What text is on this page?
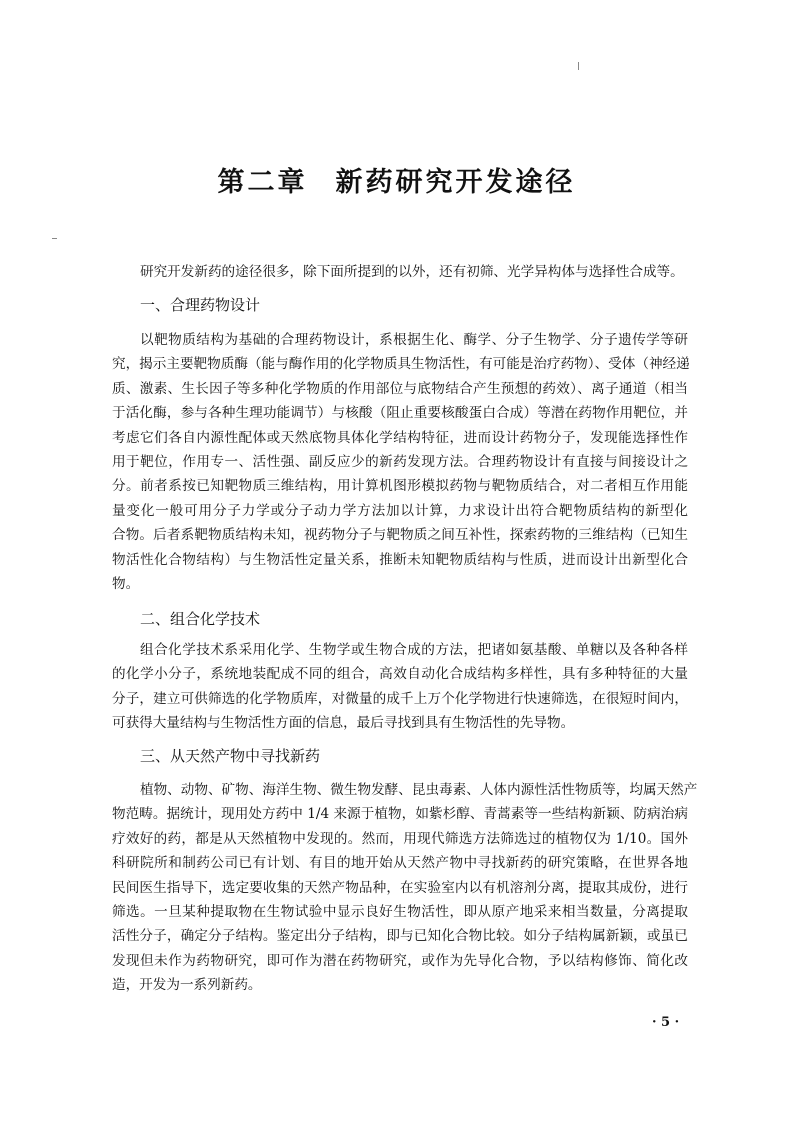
第二章 新药研究开发途径
研究开发新药的途径很多，除下面所提到的以外，还有初筛、光学异构体与选择性合成等。
一、合理药物设计
以靶物质结构为基础的合理药物设计，系根据生化、酶学、分子生物学、分子遗传学等研
究，揭示主要靶物质酶（能与酶作用的化学物质具生物活性，有可能是治疗药物）、受体（神经递
质、激素、生长因子等多种化学物质的作用部位与底物结合产生预想的药效）、离子通道（相当
于活化酶，参与各种生理功能调节）与核酸（阻止重要核酸蛋白合成）等潜在药物作用靶位，并
考虑它们各自内源性配体或天然底物具体化学结构特征，进而设计药物分子，发现能选择性作
用于靶位，作用专一、活性强、副反应少的新药发现方法。合理药物设计有直接与间接设计之
分。前者系按已知靶物质三维结构，用计算机图形模拟药物与靶物质结合，对二者相互作用能
量变化一般可用分子力学或分子动力学方法加以计算，力求设计出符合靶物质结构的新型化
合物。后者系靶物质结构未知，视药物分子与靶物质之间互补性，探索药物的三维结构（已知生
物活性化合物结构）与生物活性定量关系，推断未知靶物质结构与性质，进而设计出新型化合
物。
二、组合化学技术
组合化学技术系采用化学、生物学或生物合成的方法，把诸如氨基酸、单糖以及各种各样
的化学小分子，系统地装配成不同的组合，高效自动化合成结构多样性，具有多种特征的大量
分子，建立可供筛选的化学物质库，对微量的成千上万个化学物进行快速筛选，在很短时间内，
可获得大量结构与生物活性方面的信息，最后寻找到具有生物活性的先导物。
三、从天然产物中寻找新药
植物、动物、矿物、海洋生物、微生物发酵、昆虫毒素、人体内源性活性物质等，均属天然产
物范畴。据统计，现用处方药中 1/4 来源于植物，如紫杉醇、青蒿素等一些结构新颖、防病治病
疗效好的药，都是从天然植物中发现的。然而，用现代筛选方法筛选过的植物仅为 1/10。国外
科研院所和制药公司已有计划、有目的地开始从天然产物中寻找新药的研究策略，在世界各地
民间医生指导下，选定要收集的天然产物品种，在实验室内以有机溶剂分离，提取其成份，进行
筛选。一旦某种提取物在生物试验中显示良好生物活性，即从原产地采来相当数量，分离提取
活性分子，确定分子结构。鉴定出分子结构，即与已知化合物比较。如分子结构属新颖，或虽已
发现但未作为药物研究，即可作为潜在药物研究，或作为先导化合物，予以结构修饰、简化改
造，开发为一系列新药。
· 5 ·
